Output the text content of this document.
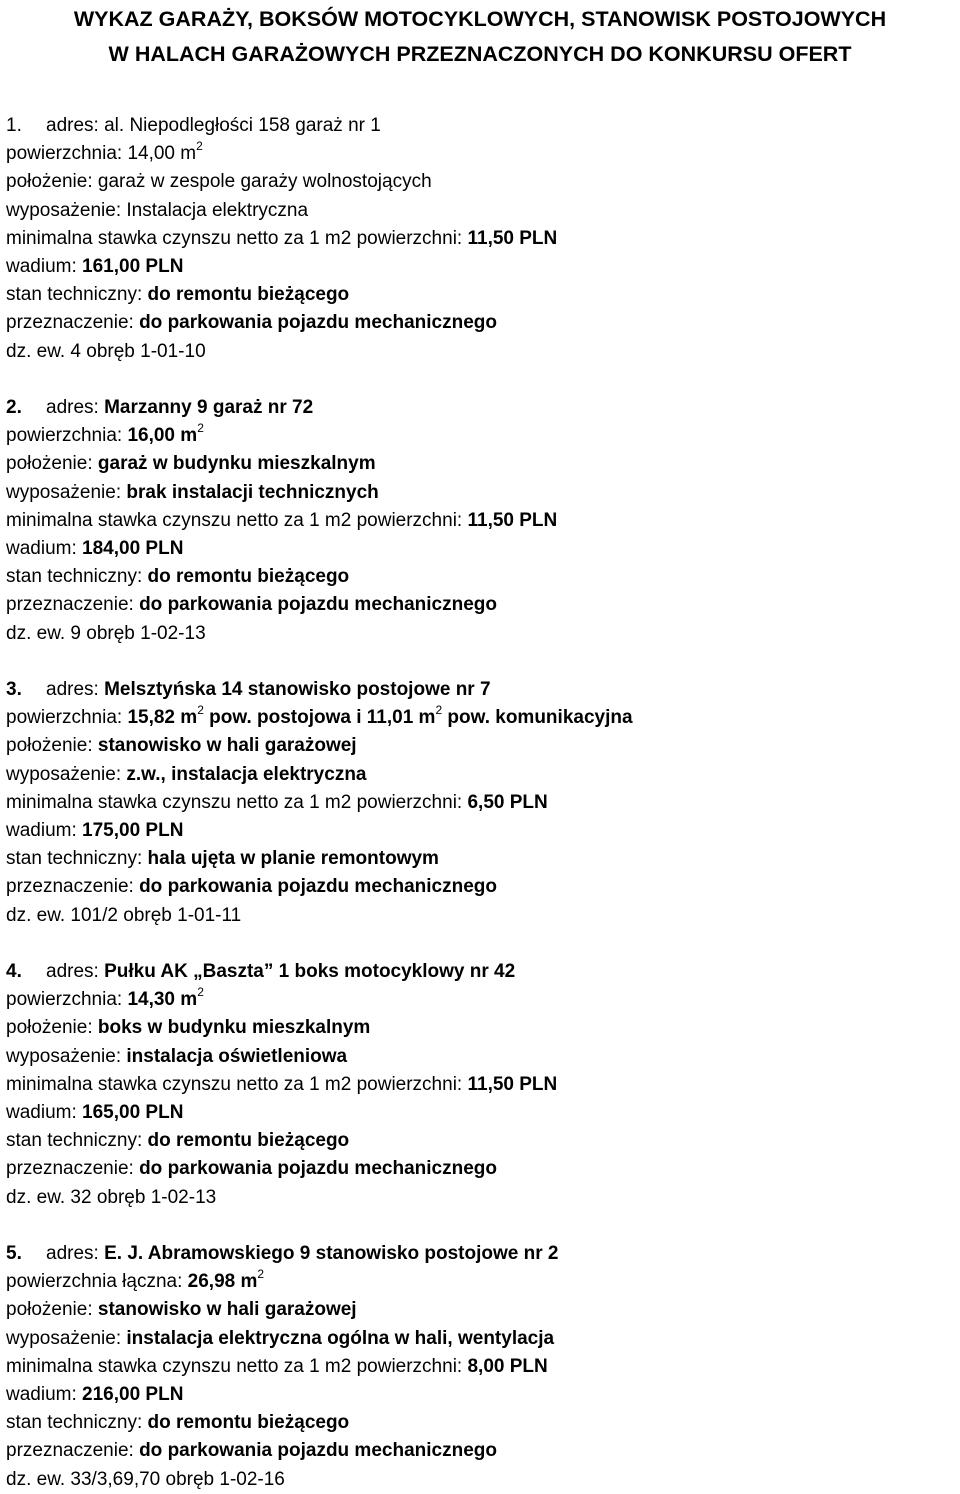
WYKAZ GARAŻY, BOKSÓW MOTOCYKLOWYCH, STANOWISK POSTOJOWYCH
W HALACH GARAŻOWYCH PRZEZNACZONYCH DO KONKURSU OFERT
1. adres: al. Niepodległości 158 garaż nr 1
powierzchnia: 14,00 $m^2$
położenie: garaż w zespole garaży wolnostojących
wyposażenie: Instalacja elektryczna
minimalna stawka czynszu netto za 1 m2 powierzchni: 11,50 PLN
wadium: 161,00 PLN
stan techniczny: do remontu bieżącego
przeznaczenie: do parkowania pojazdu mechanicznego
dz. ew. 4 obręb 1-01-10
2. adres: Marzanny 9 garaż nr 72
powierzchnia: 16,00 $m^2$
położenie: garaż w budynku mieszkalnym
wyposażenie: brak instalacji technicznych
minimalna stawka czynszu netto za 1 m2 powierzchni: 11,50 PLN
wadium: 184,00 PLN
stan techniczny: do remontu bieżącego
przeznaczenie: do parkowania pojazdu mechanicznego
dz. ew. 9 obręb 1-02-13
3. adres: Melsztyńska 14 stanowisko postojowe nr 7
powierzchnia: 15,82 $m^2$ pow. postojowa i 11,01 $m^2$ pow. komunikacyjna
położenie: stanowisko w hali garażowej
wyposażenie: z.w., instalacja elektryczna
minimalna stawka czynszu netto za 1 m2 powierzchni: 6,50 PLN
wadium: 175,00 PLN
stan techniczny: hala ujęta w planie remontowym
przeznaczenie: do parkowania pojazdu mechanicznego
dz. ew. 101/2 obręb 1-01-11
4. adres: Pułku AK „Baszta” 1 boks motocyklowy nr 42
powierzchnia: 14,30 $m^2$
położenie: boks w budynku mieszkalnym
wyposażenie: instalacja oświetleniowa
minimalna stawka czynszu netto za 1 m2 powierzchni: 11,50 PLN
wadium: 165,00 PLN
stan techniczny: do remontu bieżącego
przeznaczenie: do parkowania pojazdu mechanicznego
dz. ew. 32 obręb 1-02-13
5. adres: E. J. Abramowskiego 9 stanowisko postojowe nr 2
powierzchnia łączna: 26,98 $m^2$
położenie: stanowisko w hali garażowej
wyposażenie: instalacja elektryczna ogólna w hali, wentylacja
minimalna stawka czynszu netto za 1 m2 powierzchni: 8,00 PLN
wadium: 216,00 PLN
stan techniczny: do remontu bieżącego
przeznaczenie: do parkowania pojazdu mechanicznego
dz. ew. 33/3,69,70 obręb 1-02-16
